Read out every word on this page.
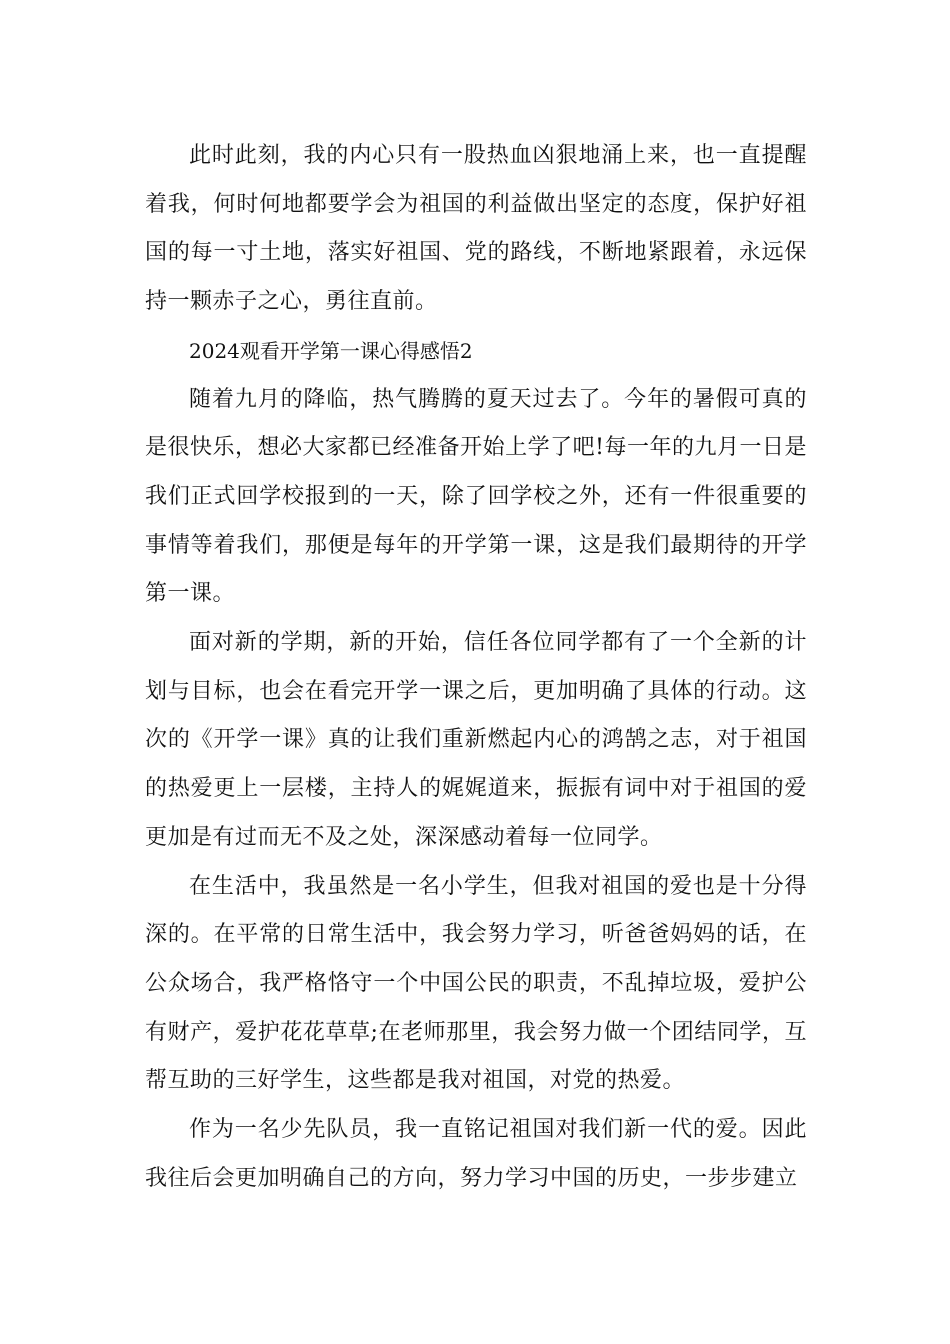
此时此刻，我的内心只有一股热血凶狠地涌上来，也一直提醒着我，何时何地都要学会为祖国的利益做出坚定的态度，保护好祖国的每一寸土地，落实好祖国、党的路线，不断地紧跟着，永远保持一颗赤子之心，勇往直前。

2024观看开学第一课心得感悟2

随着九月的降临，热气腾腾的夏天过去了。今年的暑假可真的是很快乐，想必大家都已经准备开始上学了吧!每一年的九月一日是我们正式回学校报到的一天，除了回学校之外，还有一件很重要的事情等着我们，那便是每年的开学第一课，这是我们最期待的开学第一课。

面对新的学期，新的开始，信任各位同学都有了一个全新的计划与目标，也会在看完开学一课之后，更加明确了具体的行动。这次的《开学一课》真的让我们重新燃起内心的鸿鹄之志，对于祖国的热爱更上一层楼，主持人的娓娓道来，振振有词中对于祖国的爱更加是有过而无不及之处，深深感动着每一位同学。

在生活中，我虽然是一名小学生，但我对祖国的爱也是十分得深的。在平常的日常生活中，我会努力学习，听爸爸妈妈的话，在公众场合，我严格恪守一个中国公民的职责，不乱掉垃圾，爱护公有财产，爱护花花草草;在老师那里，我会努力做一个团结同学，互帮互助的三好学生，这些都是我对祖国，对党的热爱。

作为一名少先队员，我一直铭记祖国对我们新一代的爱。因此我往后会更加明确自己的方向，努力学习中国的历史，一步步建立
